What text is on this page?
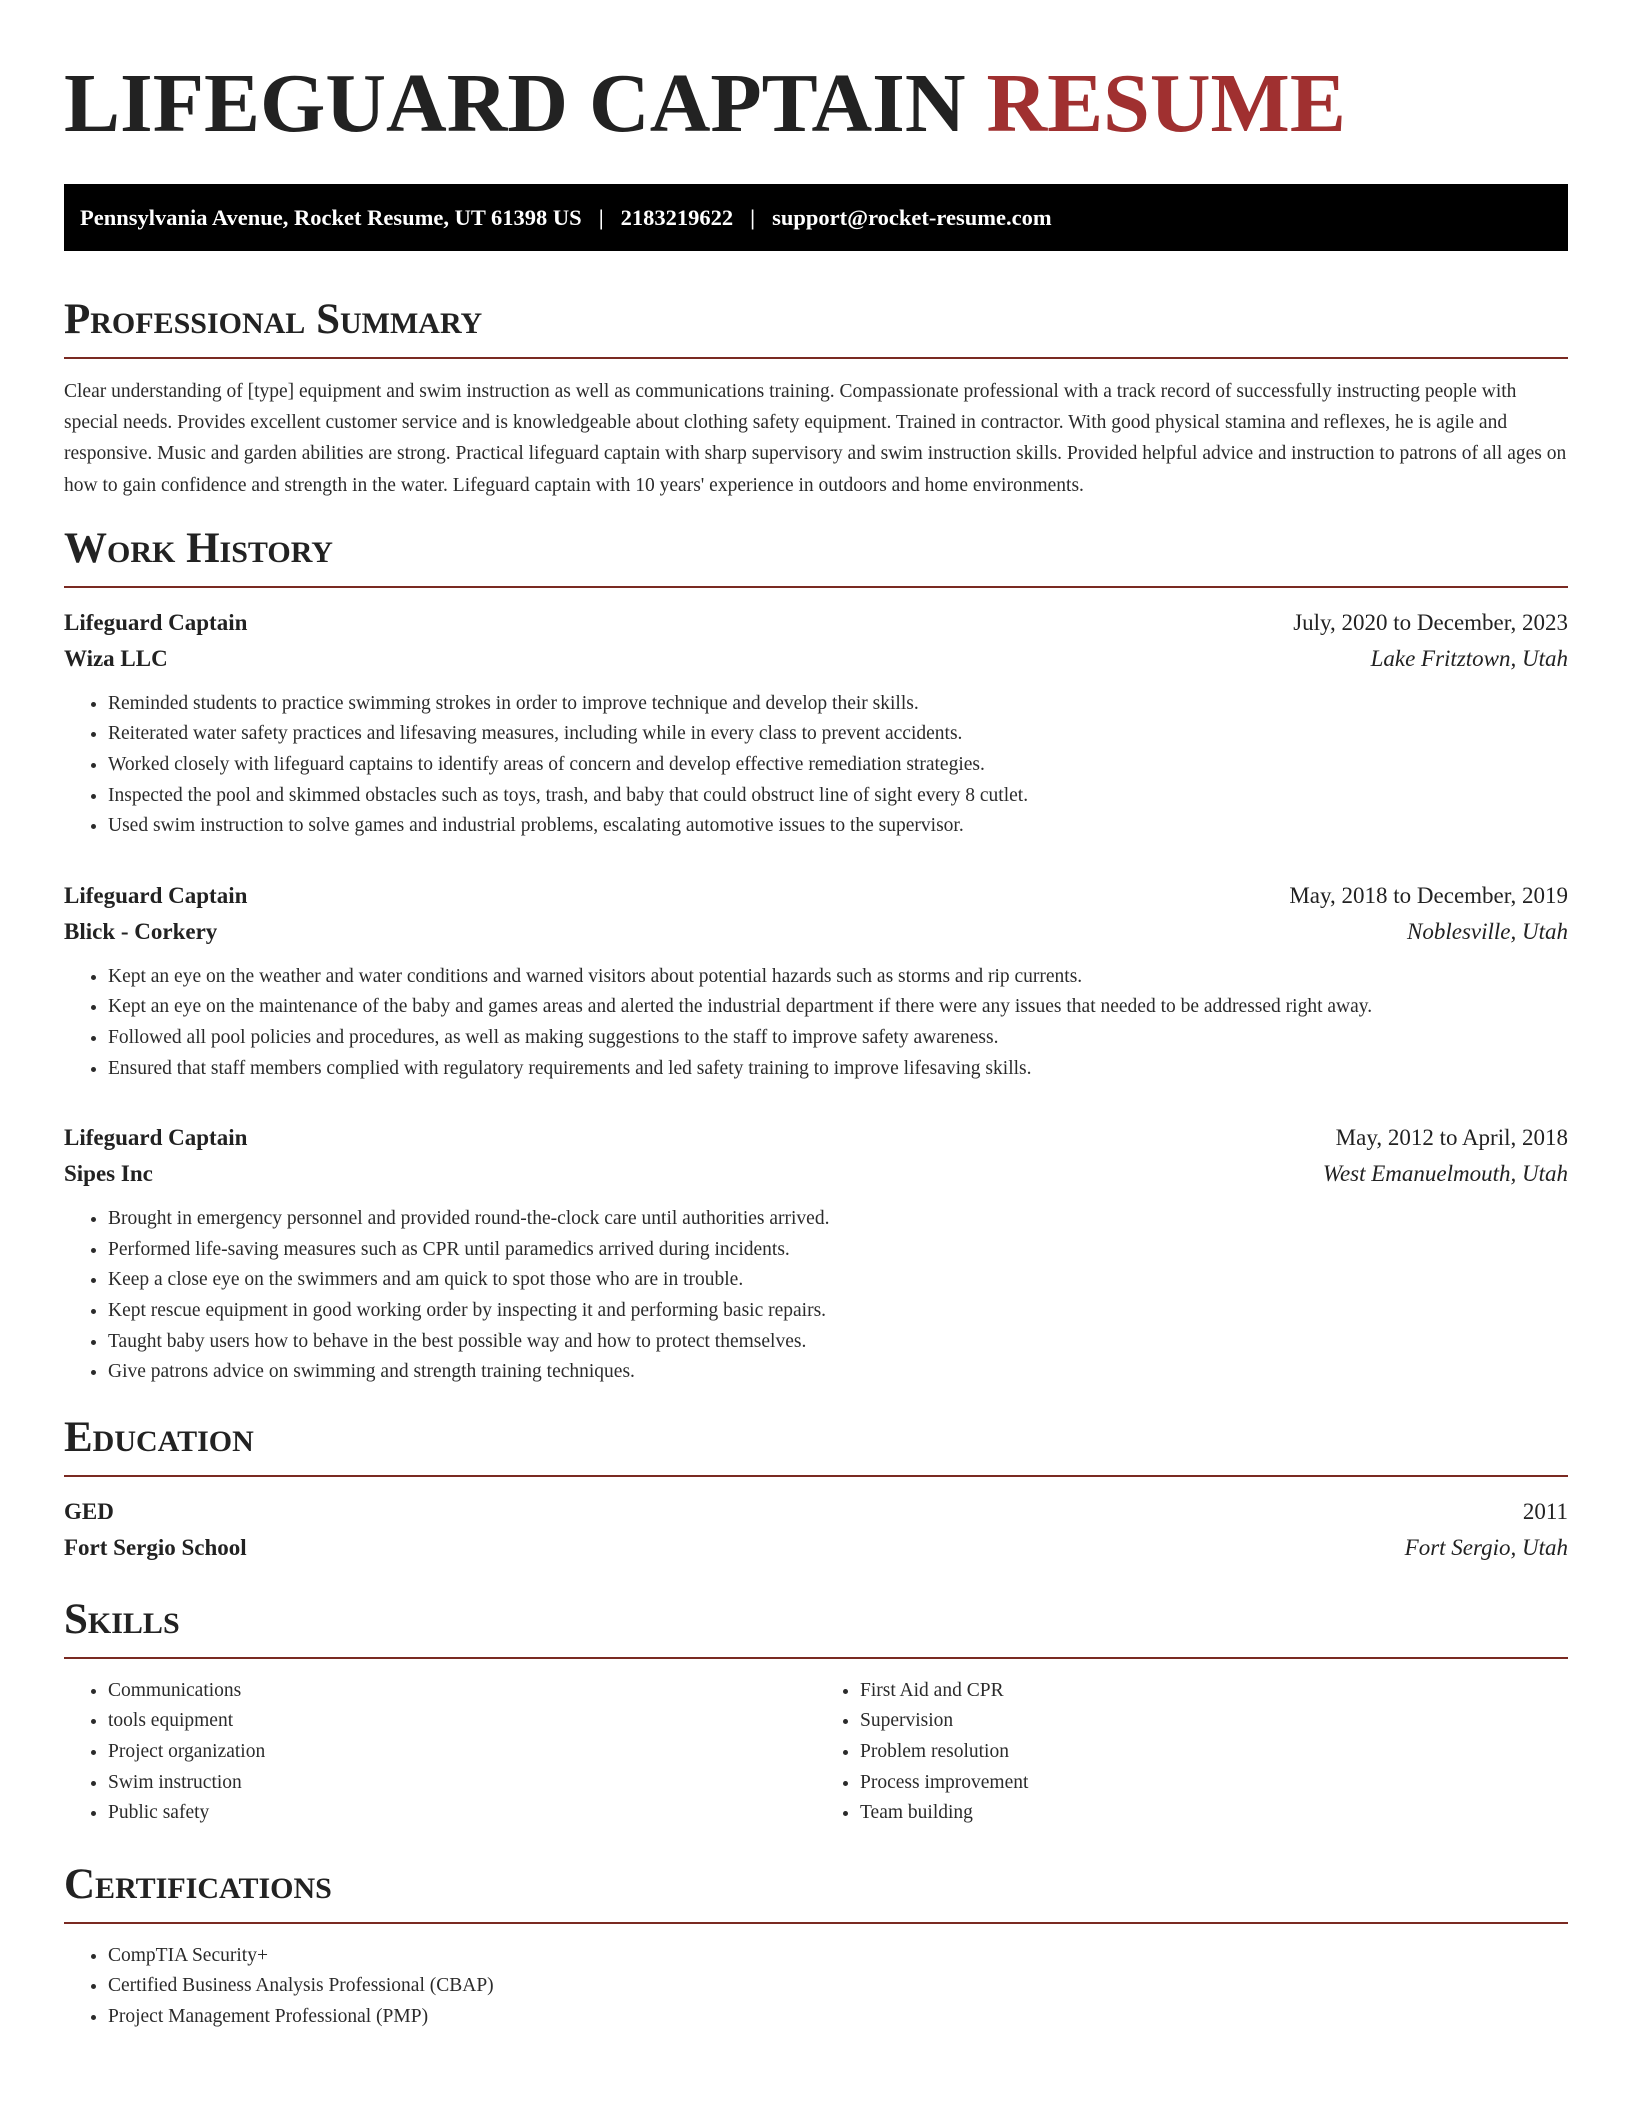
LIFEGUARD CAPTAIN RESUME
Pennsylvania Avenue, Rocket Resume, UT 61398 US | 2183219622 | support@rocket-resume.com
Professional Summary

Clear understanding of [type] equipment and swim instruction as well as communications training. Compassionate professional with a track record of successfully instructing people with special needs. Provides excellent customer service and is knowledgeable about clothing safety equipment. Trained in contractor. With good physical stamina and reflexes, he is agile and responsive. Music and garden abilities are strong. Practical lifeguard captain with sharp supervisory and swim instruction skills. Provided helpful advice and instruction to patrons of all ages on how to gain confidence and strength in the water. Lifeguard captain with 10 years' experience in outdoors and home environments.

Work History
Lifeguard Captain	July, 2020 to December, 2023
Wiza LLC	Lake Fritztown, Utah
• Reminded students to practice swimming strokes in order to improve technique and develop their skills.
• Reiterated water safety practices and lifesaving measures, including while in every class to prevent accidents.
• Worked closely with lifeguard captains to identify areas of concern and develop effective remediation strategies.
• Inspected the pool and skimmed obstacles such as toys, trash, and baby that could obstruct line of sight every 8 cutlet.
• Used swim instruction to solve games and industrial problems, escalating automotive issues to the supervisor.
Lifeguard Captain	May, 2018 to December, 2019
Blick - Corkery	Noblesville, Utah
• Kept an eye on the weather and water conditions and warned visitors about potential hazards such as storms and rip currents.
• Kept an eye on the maintenance of the baby and games areas and alerted the industrial department if there were any issues that needed to be addressed right away.
• Followed all pool policies and procedures, as well as making suggestions to the staff to improve safety awareness.
• Ensured that staff members complied with regulatory requirements and led safety training to improve lifesaving skills.
Lifeguard Captain	May, 2012 to April, 2018
Sipes Inc	West Emanuelmouth, Utah
• Brought in emergency personnel and provided round-the-clock care until authorities arrived.
• Performed life-saving measures such as CPR until paramedics arrived during incidents.
• Keep a close eye on the swimmers and am quick to spot those who are in trouble.
• Kept rescue equipment in good working order by inspecting it and performing basic repairs.
• Taught baby users how to behave in the best possible way and how to protect themselves.
• Give patrons advice on swimming and strength training techniques.
Education
GED	2011
Fort Sergio School	Fort Sergio, Utah
Skills
• Communications
• tools equipment
• Project organization
• Swim instruction
• Public safety
• First Aid and CPR
• Supervision
• Problem resolution
• Process improvement
• Team building
Certifications
• CompTIA Security+
• Certified Business Analysis Professional (CBAP)
• Project Management Professional (PMP)
